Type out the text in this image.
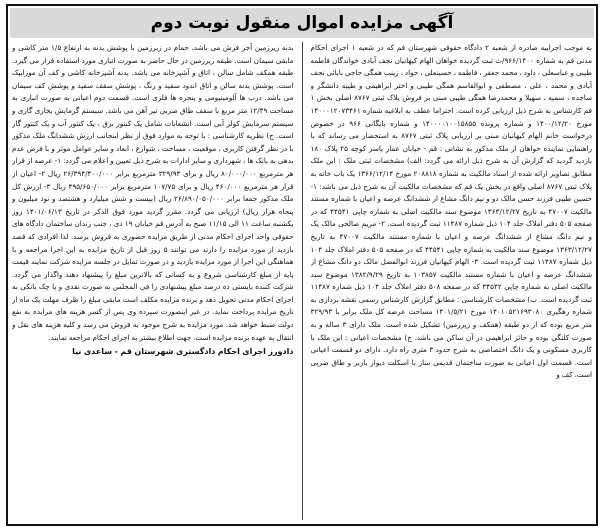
آگهی مزایده اموال منقول نوبت دوم
به موجب اجراییه صادره از شعبه ۲ دادگاه حقوقی شهرستان قم که در شعبه ۱ اجرای احکام مدنی قم به شماره ۹۶۶/۱۴۰۰/ث ثبت گردیده خواهان الهام کیهانیان نجف آبادی خواندگان فاطمه طیبی و عباسعلی ، داود ، محمد جعفر ، فاطمه ، حسینعلی ، جواد ، زینب همگی حاجی بابائی نجف آبادی و محمد ، علی ، مصطفی و ابوالقاسم همگی طیبی و اختر ابراهیمی و طیبه دانشگر و ساجده ، سمیه ، سهیلا و محمدرضا همگی طیبی مبنی بر فروش پلاک ثبتی ۸۷۶۷ اصلی بخش ۱ قم کارشناس به شرح ذیل ارزیابی کرده است. احتراما عطف به ابلاغیه شماره ۱۴۰۰۰۱۲۰۷۳۴۶۱ مورخ ۱۴۰۰/۱۲/۲۰ و شماره پرونده ۱۴۰۰۰۰۱۰۰۱۵۸۵۵ و شماره بایگانی ۹۶۶ در خصوص درخواست خانم الهام کیهانیان مبنی بر ارزیابی پلاک ثبتی ۸۷۶۷ به استحضار می رساند که با راهنمایی نماینده خواهان از ملک مذکور به نشانی : قم - خیابان عمار یاسر کوچه ۲۵ پلاک ۱۸۰ بازدید گردید که گزارش آن به شرح ذیل ارائه می گردد: الف) مشخصات ثبتی ملک : این ملک مطابق تصاویر ارائه شده از اسناد مالکیت به شماره ۲۰۸۸۱۸ مورخ ۱۳۶۶/۱۲/۱۴ یک باب خانه به پلاک ثبتی ۸۷۶۷ اصلی واقع در بخش یک قم که مشخصات مالکیت آن به شرح ذیل می باشد: ۱- حسین طیبی فرزند حسن مالک دو و نیم دانگ مشاع از ششدانگ عرصه و اعیان با شماره مستند مالکیت ۴۷۰۰۷ به تاریخ ۱۳۶۳/۱۲/۲۷ موضوع سند مالکیت اصلی به شماره چاپی ۴۴۵۴۱ که در صفحه ۵۰۵ دفتر املاک جلد ۱۰۴ ذیل شماره ۱۱۴۸۷ ثبت گردیده است. ۲- مریم صالحی مالک یک و نیم دانگ مشاع از ششدانگ عرصه و اعیان با شماره مستند مالکیت ۴۷۰۰۷ به تاریخ ۱۳۶۳/۱۲/۲۷ موضوع سند مالکیت به شماره چاپی ۴۴۵۴۱ که در صفحه ۵۰۵ دفتر املاک جلد ۱۰۴ ذیل شماره ۱۱۴۸۷ ثبت گردیده است. ۳- الهام کیهانیان فرزند ابوالفضل مالک دو دانگ مشاع از ششدانگ عرصه و اعیان با شماره مستند مالکیت ۱۰۳۸۵۷ به تاریخ ۱۳۸۲/۹/۲۹ موضوع سند مالکیت اصلی به شماره چاپی ۴۴۵۴۲ که در صفحه ۵۰۸ دفتر املاک جلد ۱۰۴ ذیل شماره ۱۱۴۸۷ ثبت گردیده است. ب) مشخصات کارشناسی : مطابق گزارش کارشناس رسمی نقشه برداری به شماره رهگیری ۱۴۰۱۰۵۲۱۶۹۳۰۸۰ مورخ ۱۴۰۱/۵/۲۱ مساحت عرصه کل ملک برابر با ۳۲۹/۹۳ متر مربع بوده که از دو طبقه (همکف و زیرزمین) تشکیل شده است. ملک دارای ۳ ساله و به صورت کلنگی بوده و حائز ابراهیمی در آن ساکن می باشد. ج) مشخصات اعیانی : این ملک با کاربری مسکونی و یک دانگ اختصاصی به شرح حدود ۳ متری راه دارد. دارای دو قسمت اعیانی است. قسمت اول اعیانی به صورت ساختمان قدیمی ساز با اسکلت دیوار باربر و طاق ضربی است. کف و
بدنه زیرزمین آجر فرش می باشد. حمام در زیرزمین با پوشش بدنه به ارتفاع ۱/۵ متر کاشی و مابقی سیمان است. طبقه زیرزمین در حال حاضر به صورت انباری مورد استفاده قرار می گیرد. طبقه همکف شامل سالن ، اتاق و آشپزخانه می باشد. بدنه آشپزخانه کاشی و کف آن موزاییک است. پوشش بدنه سالن و اتاق اندود سفید و رنگ ، پوشش سقف سفید و پوشش کف سیمان می باشد. درب ها آلومینیومی و پنجره ها فلزی است. قسمت دوم اعیانی به صورت انباری به مساحت ۱۲/۴۹ متر مربع با سقف طاق ضربی تیر آهن می باشد. سیستم گرمایش بخاری گازی و سیستم سرمایش کولر آبی است. انشعابات شامل یک کنتور برق ، یک کنتور آب و یک کنتور گاز است. ج) نظریه کارشناسی : با توجه به موارد فوق از نظر اینجانب ارزش ششدانگ ملک مذکور با در نظر گرفتن کاربری ، موقعیت ، مساحت ، شوارع ، ابعاد و سایر عوامل موثر و با فرض عدم بدهی به بانک ها ، شهرداری و سایر ادارات به شرح ذیل تعیین و اعلام می گردد: ۱- عرصه از قرار هر مترمربع ۸۰/۰۰۰/۰۰۰ ریال و برای ۳۲۹/۹۳ مترمربع برابر ۲۶/۳۹۴/۴۰۰/۰۰۰ ریال ۲- اعیان از قرار هر مترمربع ۴۶۰/۰۰۰ ریال و برای ۱۰۷/۷۵ مترمربع برابر ۴۹۵/۶۵۰/۰۰۰ ریال ۳- ارزش کل ملک مذکور جمعا برابر ۲۶/۸۹۰/۰۵۰/۰۰۰ ریال (بیست و شش میلیارد و هشتصد و نود میلیون و پنجاه هزار ریال) ارزیابی می گردد. مقرر گردید مورد فوق الذکر در تاریخ ۱۴۰۱/۰۶/۱۳ روز یکشنبه ساعت ۱۱ الی ۱۱/۱۵ صبح به آدرس قم خیابان ۱۹ دی ، جنب زندان ساختمان دادگاه های حقوقی واحد اجرای احکام مدنی از طریق مزایده حضوری به فروش برسد. لذا افرادی که قصد بازدید از مورد مزایده را دارند می توانند ۵ روز قبل از تاریخ مزایده به این اجرا مراجعه و با هماهنگی این اجرا از مورد مزایده بازدید و در صورت تمایل در جلسه مزایده شرکت نمایند قیمت پایه از مبلغ کارشناسی شروع و به کسانی که بالاترین مبلغ را پیشنهاد دهند واگذار می گردد. شرکت کننده بایستی ده درصد مبلغ پیشنهادی را فی المجلس به صورت نقدی و یا چک بانکی به اجرای احکام مدنی تحویل دهد و برنده مزایده مکلف است مابقی مبلغ را ظرف مهلت یک ماه از تاریخ مزایده پرداخت نماید. در غیر اینصورت سپرده وی پس از کسر هزینه های مزایده به نفع دولت ضبط خواهد شد. مورد مزایده به شرح موجود به فروش می رسد و کلیه هزینه های نقل و انتقال به عهده برنده مزایده است. جهت اطلاع بیشتر به اجرای احکام مراجعه نمایند.
دادورز اجرای احکام دادگستری شهرستان قم - ساعدی نیا
